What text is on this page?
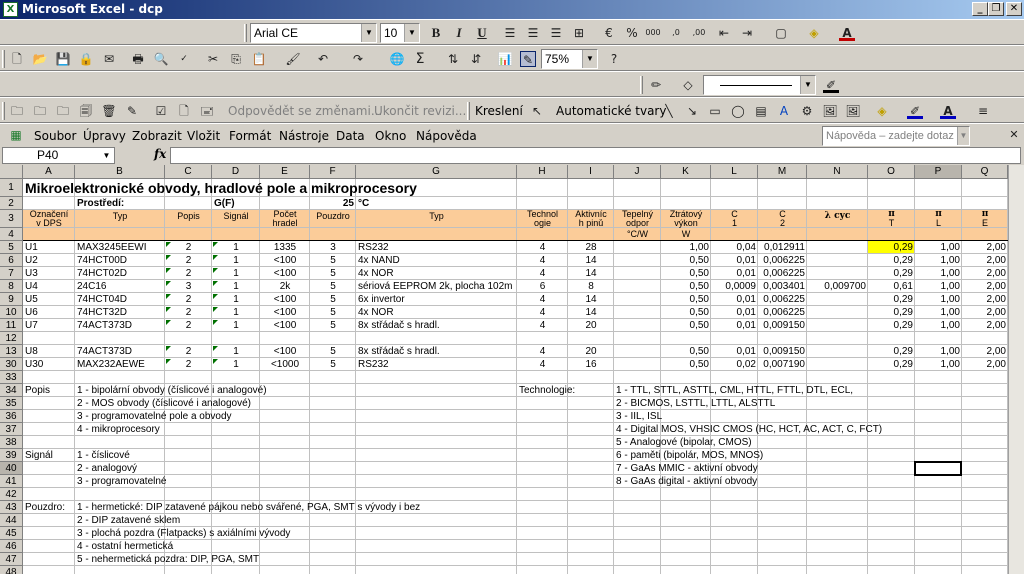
X Microsoft Excel - dcp	_ ❐ ✕
Arial CE	▼ 10	▼ B	I	U ☰ ☰ ☰ ⊞	€	% 000	,0	,00 ⇤ ⇥ ▢ ◈ A
🗋 📂 💾 🔒 ✉ 🖶 🔍	✓	✂ ⎘ 📋 🖌 ↶ ↷ 🌐 Σ ⇅ ⇵ 📊 ✎ 75%	▼	?
✏ ◇	▼ ✐
🗀 🗀 🗀 🗐 🗑 ✎ ☑ 🗋 🖃 Odpovědět se změnami...
Ukončit revizi... Kreslení ↖ Automatické tvary
╲	↘ ▭ ◯ ▤	A	⚙ 🖼 🖼 ◈ ✐ A ≡
▦ Soubor Úpravy Zobrazit Vložit Formát Nástroje Data Okno Nápověda	Nápověda – zadejte dotaz ▼	✕
P40	▼	fx
A	B	C	D	E	F	G	H	I	J	K	L	M	N	O	P	Q
1
2
3
4
5
6
7
8
9
10
11
12
13
30
33
34
35
36
37
38
39
40
41
42
43
44
45
46
47
48
Mikroelektronické obvody, hradlové pole a mikroprocesory
Prostředí:	G(F)	25 °C
Označení
v DPS
Typ	Popis	Signál	Počet
hradel
Pouzdro	Typ	Technol
ogie
Aktivníc
h pinů
Tepelný
odpor
°C/W
Ztrátový
výkon
W
C
1
C
2
λ cyc	π
T
π
L
π
E
U1	MAX3245EEWI	2	1	1335	3	RS232	4	28	1,00	0,04 0,012911	0,29	1,00	2,00
U2	74HCT00D	2	1	<100	5	4x NAND	4	14	0,50	0,01 0,006225	0,29	1,00	2,00
U3	74HCT02D	2	1	<100	5	4x NOR	4	14	0,50	0,01 0,006225	0,29	1,00	2,00
U4	24C16	3	1	2k	5	sériová EEPROM 2k, plocha 102m	6	8	0,50	0,0009 0,003401	0,009700	0,61	1,00	2,00
U5	74HCT04D	2	1	<100	5	6x invertor	4	14	0,50	0,01 0,006225	0,29	1,00	2,00
U6	74HCT32D	2	1	<100	5	4x NOR	4	14	0,50	0,01 0,006225	0,29	1,00	2,00
U7	74ACT373D	2	1	<100	5	8x střádač s hradl.	4	20	0,50	0,01 0,009150	0,29	1,00	2,00
U8	74ACT373D	2	1	<100	5	8x střádač s hradl.	4	20	0,50	0,01 0,009150	0,29	1,00	2,00
U30	MAX232AEWE	2	1	<1000	5	RS232	4	16	0,50	0,02 0,007190	0,29	1,00	2,00
Popis	1 - bipolární obvody (číslicové i analogové)
2 - MOS obvody (číslicové i analogové)
3 - programovatelné pole a obvody
4 - mikroprocesory
Signál	1 - číslicové
2 - analogový
3 - programovatelné
Pouzdro:	1 - hermetické: DIP zatavené pájkou nebo svářené, PGA, SMT s vývody i bez
2 - DIP zatavené sklem
3 - plochá pozdra (Flatpacks) s axiálními vývody
4 - ostatní hermetická
5 - nehermetická pozdra: DIP, PGA, SMT
Technologie:	1 - TTL, STTL, ASTTL, CML, HTTL, FTTL, DTL, ECL,
2 - BICMOS, LSTTL, LTTL, ALSTTL
3 - IIL, ISL
4 - Digital MOS, VHSIC CMOS (HC, HCT, AC, ACT, C, FCT)
5 - Analogové (bipolar, CMOS)
6 - paměti (bipolár, MOS, MNOS)
7 - GaAs MMIC - aktivní obvody
8 - GaAs digital - aktivní obvody
